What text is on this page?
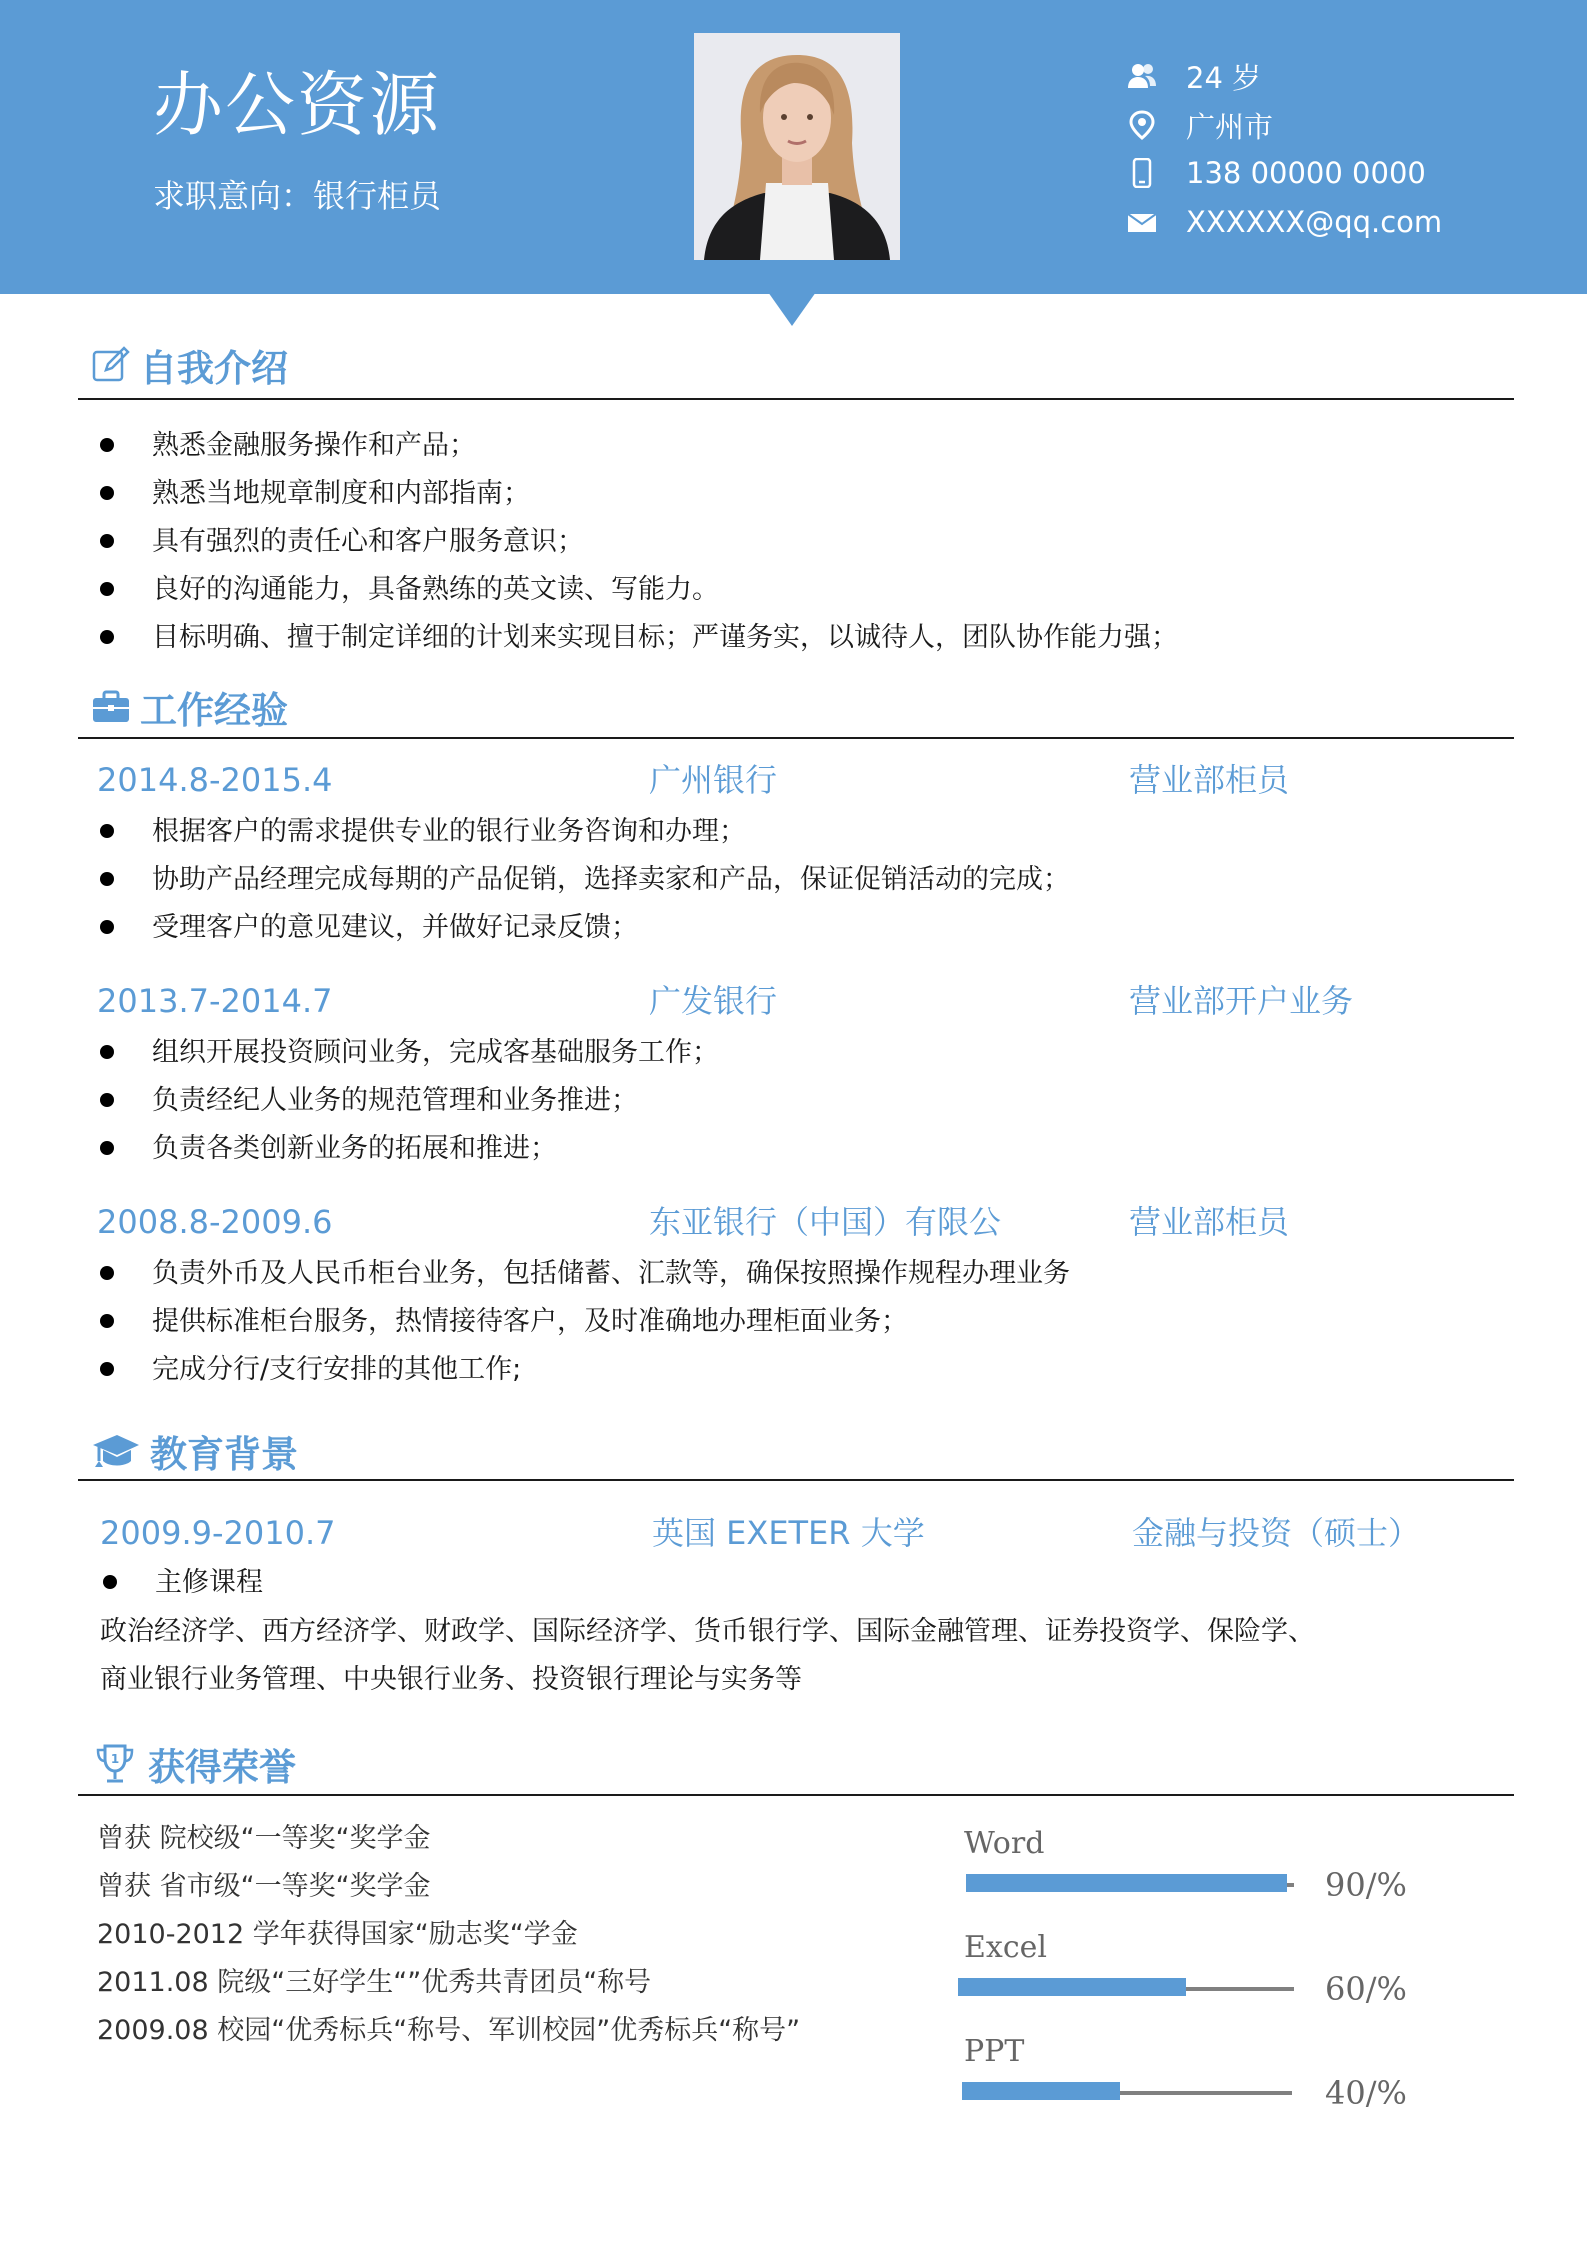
办公资源
求职意向：银行柜员
24 岁
广州市
138 00000 0000
XXXXXX@qq.com
自我介绍
熟悉金融服务操作和产品；
熟悉当地规章制度和内部指南；
具有强烈的责任心和客户服务意识；
良好的沟通能力，具备熟练的英文读、写能力。
目标明确、擅于制定详细的计划来实现目标；严谨务实，以诚待人，团队协作能力强；
工作经验
2014.8-2015.4	广州银行	营业部柜员
根据客户的需求提供专业的银行业务咨询和办理；
协助产品经理完成每期的产品促销，选择卖家和产品，保证促销活动的完成；
受理客户的意见建议，并做好记录反馈；
2013.7-2014.7	广发银行	营业部开户业务
组织开展投资顾问业务，完成客基础服务工作；
负责经纪人业务的规范管理和业务推进；
负责各类创新业务的拓展和推进；
2008.8-2009.6	东亚银行（中国）有限公	营业部柜员
负责外币及人民币柜台业务，包括储蓄、汇款等，确保按照操作规程办理业务
提供标准柜台服务，热情接待客户，及时准确地办理柜面业务；
完成分行/支行安排的其他工作;
教育背景
2009.9-2010.7	英国 EXETER 大学	金融与投资（硕士）
主修课程
政治经济学、西方经济学、财政学、国际经济学、货币银行学、国际金融管理、证券投资学、保险学、
商业银行业务管理、中央银行业务、投资银行理论与实务等
1 获得荣誉
曾获 院校级“一等奖“奖学金
曾获 省市级“一等奖“奖学金
2010-2012 学年获得国家“励志奖“学金
2011.08 院级“三好学生“”优秀共青团员“称号
2009.08 校园“优秀标兵“称号、军训校园”优秀标兵“称号”
Word
90/%
Excel
60/%
PPT
40/%
